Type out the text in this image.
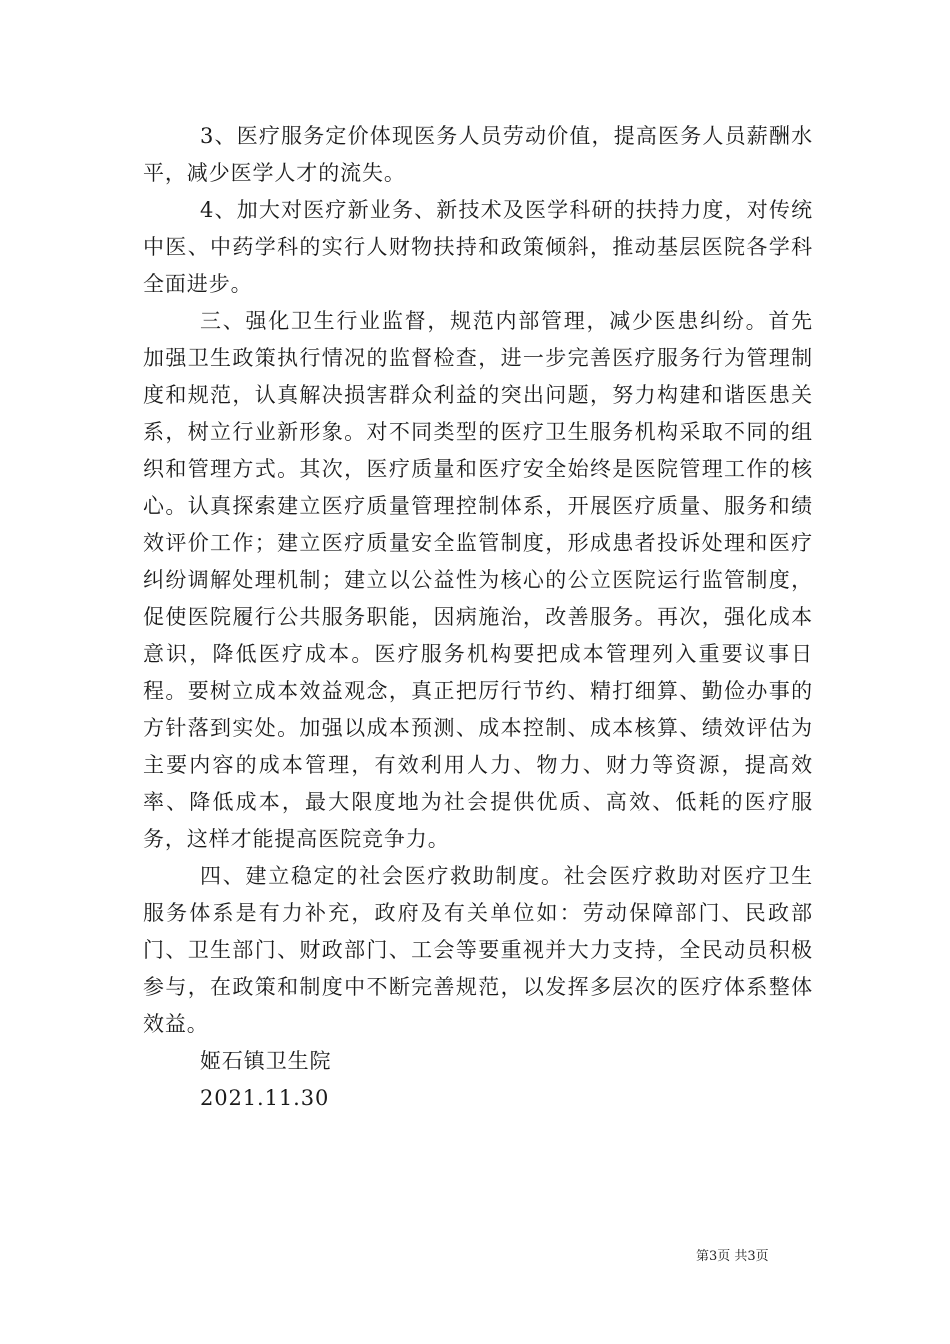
3、医疗服务定价体现医务人员劳动价值，提高医务人员薪酬水平，减少医学人才的流失。

4、加大对医疗新业务、新技术及医学科研的扶持力度，对传统中医、中药学科的实行人财物扶持和政策倾斜，推动基层医院各学科全面进步。

三、强化卫生行业监督，规范内部管理，减少医患纠纷。首先加强卫生政策执行情况的监督检查，进一步完善医疗服务行为管理制度和规范，认真解决损害群众利益的突出问题，努力构建和谐医患关系，树立行业新形象。对不同类型的医疗卫生服务机构采取不同的组织和管理方式。其次，医疗质量和医疗安全始终是医院管理工作的核心。认真探索建立医疗质量管理控制体系，开展医疗质量、服务和绩效评价工作；建立医疗质量安全监管制度，形成患者投诉处理和医疗纠纷调解处理机制；建立以公益性为核心的公立医院运行监管制度，促使医院履行公共服务职能，因病施治，改善服务。再次，强化成本意识，降低医疗成本。医疗服务机构要把成本管理列入重要议事日程。要树立成本效益观念，真正把厉行节约、精打细算、勤俭办事的方针落到实处。加强以成本预测、成本控制、成本核算、绩效评估为主要内容的成本管理，有效利用人力、物力、财力等资源，提高效率、降低成本，最大限度地为社会提供优质、高效、低耗的医疗服务，这样才能提高医院竞争力。

四、建立稳定的社会医疗救助制度。社会医疗救助对医疗卫生服务体系是有力补充，政府及有关单位如：劳动保障部门、民政部门、卫生部门、财政部门、工会等要重视并大力支持，全民动员积极参与，在政策和制度中不断完善规范，以发挥多层次的医疗体系整体效益。

姬石镇卫生院

2021.11.30

第3页 共3页
